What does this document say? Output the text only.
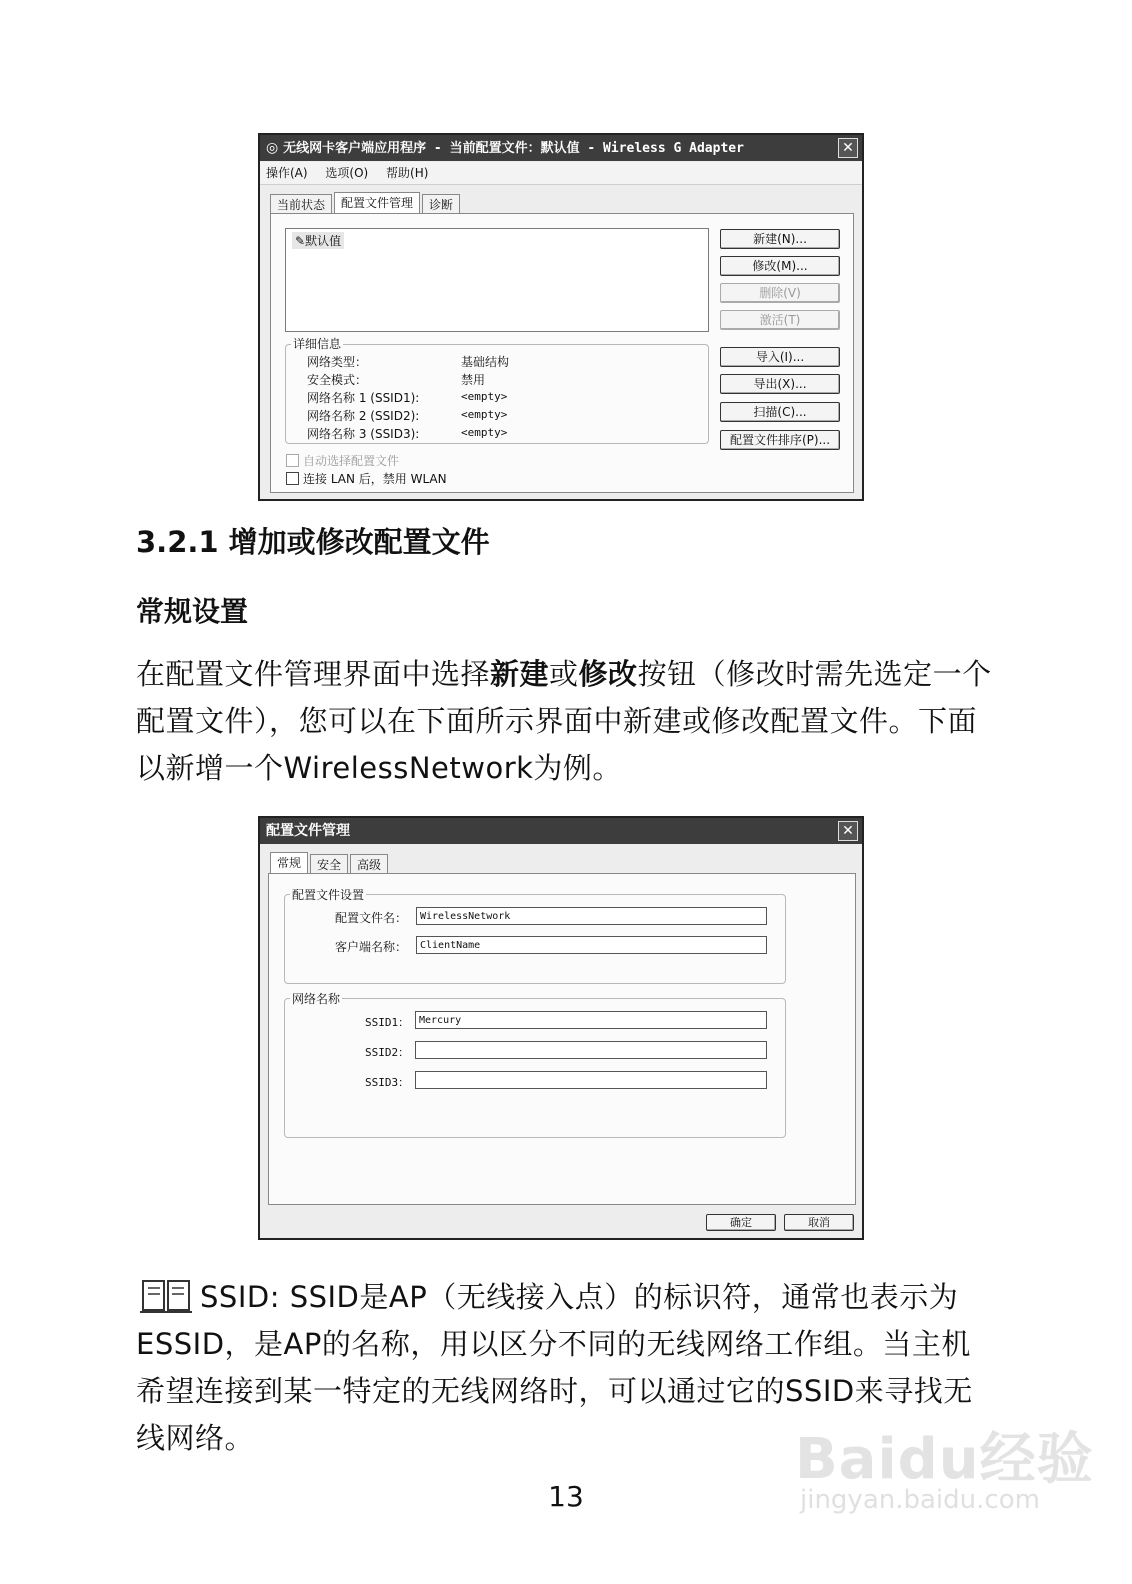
◎ 无线网卡客户端应用程序 - 当前配置文件：默认值 - Wireless G Adapter	✕
操作(A) 选项(O) 帮助(H)
当前状态	配置文件管理	诊断
✎默认值	新建(N)...
修改(M)...
删除(V)
激活(T)
导入(I)...
导出(X)...
扫描(C)...
配置文件排序(P)...
详细信息
网络类型：	基础结构
安全模式：	禁用
网络名称 1 (SSID1):	<empty>
网络名称 2 (SSID2):	<empty>
网络名称 3 (SSID3):	<empty>
自动选择配置文件
连接 LAN 后，禁用 WLAN
3.2.1 增加或修改配置文件
常规设置

在配置文件管理界面中选择新建或修改按钮（修改时需先选定一个配置文件），您可以在下面所示界面中新建或修改配置文件。下面以新增一个WirelessNetwork为例。

配置文件管理	✕
常规	安全	高级
配置文件设置
配置文件名：	WirelessNetwork
客户端名称：	ClientName
网络名称
SSID1： Mercury
SSID2：
SSID3：
确定	取消

SSID: SSID是AP（无线接入点）的标识符，通常也表示为ESSID，是AP的名称，用以区分不同的无线网络工作组。当主机希望连接到某一特定的无线网络时，可以通过它的SSID来寻找无线网络。

13
Baidu经验
jingyan.baidu.com
